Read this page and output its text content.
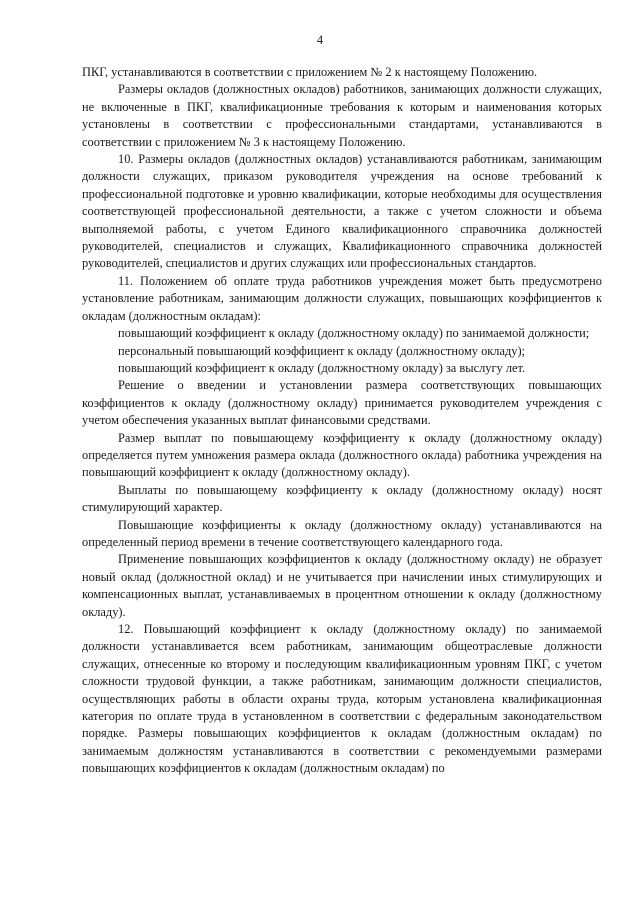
4

ПКГ, устанавливаются в соответствии с приложением № 2 к настоящему Положению.

Размеры окладов (должностных окладов) работников, занимающих должности служащих, не включенные в ПКГ, квалификационные требования к которым и наименования которых установлены в соответствии с профессиональными стандартами, устанавливаются в соответствии с приложением № 3 к настоящему Положению.

10. Размеры окладов (должностных окладов) устанавливаются работникам, занимающим должности служащих, приказом руководителя учреждения на основе требований к профессиональной подготовке и уровню квалификации, которые необходимы для осуществления соответствующей профессиональной деятельности, а также с учетом сложности и объема выполняемой работы, с учетом Единого квалификационного справочника должностей руководителей, специалистов и служащих, Квалификационного справочника должностей руководителей, специалистов и других служащих или профессиональных стандартов.

11. Положением об оплате труда работников учреждения может быть предусмотрено установление работникам, занимающим должности служащих, повышающих коэффициентов к окладам (должностным окладам):

повышающий коэффициент к окладу (должностному окладу) по занимаемой должности;

персональный повышающий коэффициент к окладу (должностному окладу);

повышающий коэффициент к окладу (должностному окладу) за выслугу лет.

Решение о введении и установлении размера соответствующих повышающих коэффициентов к окладу (должностному окладу) принимается руководителем учреждения с учетом обеспечения указанных выплат финансовыми средствами.

Размер выплат по повышающему коэффициенту к окладу (должностному окладу) определяется путем умножения размера оклада (должностного оклада) работника учреждения на повышающий коэффициент к окладу (должностному окладу).

Выплаты по повышающему коэффициенту к окладу (должностному окладу) носят стимулирующий характер.

Повышающие коэффициенты к окладу (должностному окладу) устанавливаются на определенный период времени в течение соответствующего календарного года.

Применение повышающих коэффициентов к окладу (должностному окладу) не образует новый оклад (должностной оклад) и не учитывается при начислении иных стимулирующих и компенсационных выплат, устанавливаемых в процентном отношении к окладу (должностному окладу).

12. Повышающий коэффициент к окладу (должностному окладу) по занимаемой должности устанавливается всем работникам, занимающим общеотраслевые должности служащих, отнесенные ко второму и последующим квалификационным уровням ПКГ, с учетом сложности трудовой функции, а также работникам, занимающим должности специалистов, осуществляющих работы в области охраны труда, которым установлена квалификационная категория по оплате труда в установленном в соответствии с федеральным законодательством порядке. Размеры повышающих коэффициентов к окладам (должностным окладам) по занимаемым должностям устанавливаются в соответствии с рекомендуемыми размерами повышающих коэффициентов к окладам (должностным окладам) по
